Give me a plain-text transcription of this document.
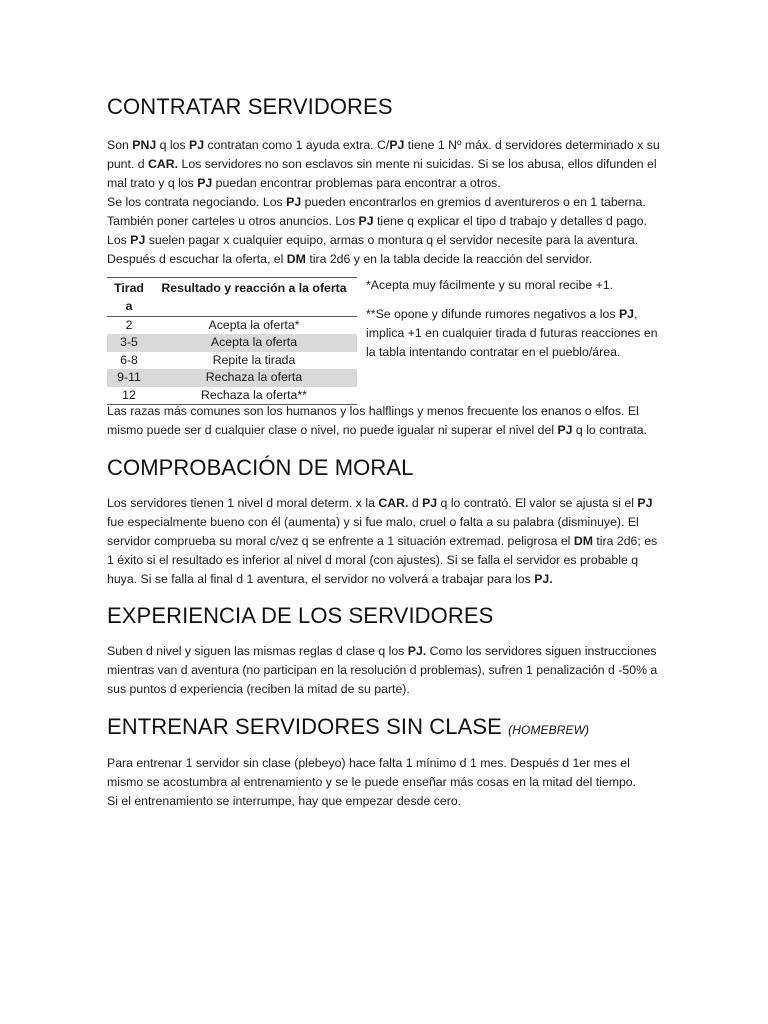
CONTRATAR SERVIDORES

Son PNJ q los PJ contratan como 1 ayuda extra. C/PJ tiene 1 Nº máx. d servidores determinado x su punt. d CAR. Los servidores no son esclavos sin mente ni suicidas. Si se los abusa, ellos difunden el mal trato y q los PJ puedan encontrar problemas para encontrar a otros.

Se los contrata negociando. Los PJ pueden encontrarlos en gremios d aventureros o en 1 taberna. También poner carteles u otros anuncios. Los PJ tiene q explicar el tipo d trabajo y detalles d pago. Los PJ suelen pagar x cualquier equipo, armas o montura q el servidor necesite para la aventura. Después d escuchar la oferta, el DM tira 2d6 y en la tabla decide la reacción del servidor.

Tirad a	Resultado y reacción a la oferta
2	Acepta la oferta*
3-5	Acepta la oferta
6-8	Repite la tirada
9-11	Rechaza la oferta
12	Rechaza la oferta**

*Acepta muy fácilmente y su moral recibe +1.

**Se opone y difunde rumores negativos a los PJ, implica +1 en cualquier tirada d futuras reacciones en la tabla intentando contratar en el pueblo/área.

Las razas más comunes son los humanos y los halflings y menos frecuente los enanos o elfos. El mismo puede ser d cualquier clase o nivel, no puede igualar ni superar el nivel del PJ q lo contrata.

COMPROBACIÓN DE MORAL

Los servidores tienen 1 nivel d moral determ. x la CAR. d PJ q lo contrató. El valor se ajusta si el PJ fue especialmente bueno con él (aumenta) y si fue malo, cruel o falta a su palabra (disminuye). El servidor comprueba su moral c/vez q se enfrente a 1 situación extremad. peligrosa el DM tira 2d6; es 1 éxito si el resultado es inferior al nivel d moral (con ajustes). Si se falla el servidor es probable q huya. Si se falla al final d 1 aventura, el servidor no volverá a trabajar para los PJ.

EXPERIENCIA DE LOS SERVIDORES

Suben d nivel y siguen las mismas reglas d clase q los PJ. Como los servidores siguen instrucciones mientras van d aventura (no participan en la resolución d problemas), sufren 1 penalización d -50% a sus puntos d experiencia (reciben la mitad de su parte).

ENTRENAR SERVIDORES SIN CLASE (HOMEBREW)

Para entrenar 1 servidor sin clase (plebeyo) hace falta 1 mínimo d 1 mes. Después d 1er mes el mismo se acostumbra al entrenamiento y se le puede enseñar más cosas en la mitad del tiempo.

Si el entrenamiento se interrumpe, hay que empezar desde cero.
